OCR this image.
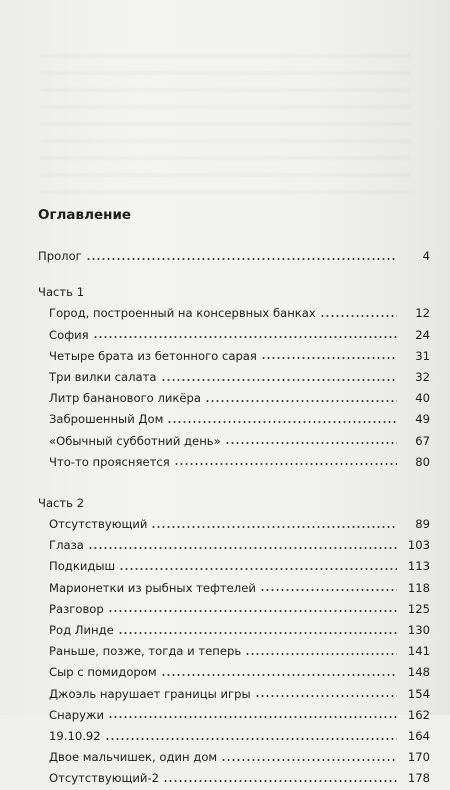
Оглавление
Пролог	4
Часть 1
Город, построенный на консервных банках	12
София	24
Четыре брата из бетонного сарая	31
Три вилки салата	32
Литр бананового ликёра	40
Заброшенный Дом	49
«Обычный субботний день»	67
Что-то проясняется	80
Часть 2
Отсутствующий	89
Глаза	103
Подкидыш	113
Марионетки из рыбных тефтелей	118
Разговор	125
Род Линде	130
Раньше, позже, тогда и теперь	141
Сыр с помидором	148
Джоэль нарушает границы игры	154
Снаружи	162
19.10.92	164
Двое мальчишек, один дом	170
Отсутствующий-2	178
